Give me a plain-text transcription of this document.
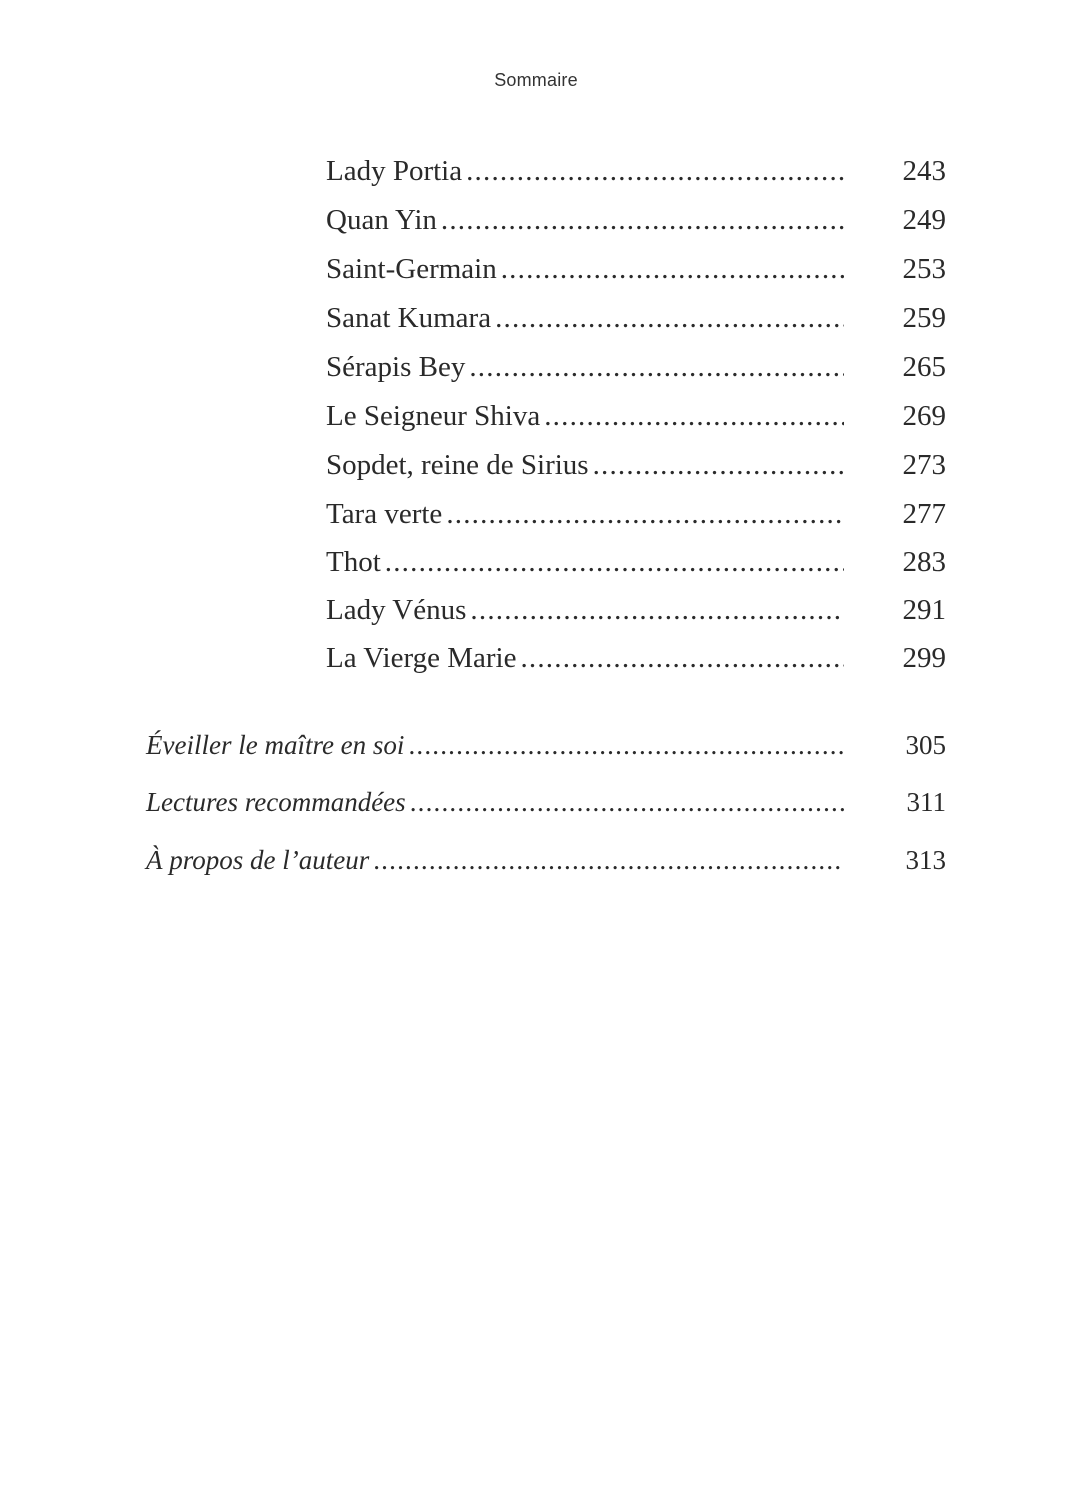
Sommaire
Lady Portia .....	243
Quan Yin .....	249
Saint-Germain .....	253
Sanat Kumara .....	259
Sérapis Bey .....	265
Le Seigneur Shiva .....	269
Sopdet, reine de Sirius .....	273
Tara verte .....	277
Thot .....	283
Lady Vénus .....	291
La Vierge Marie .....	299
Éveiller le maître en soi .....	305
Lectures recommandées .....	311
À propos de l’auteur .....	313
